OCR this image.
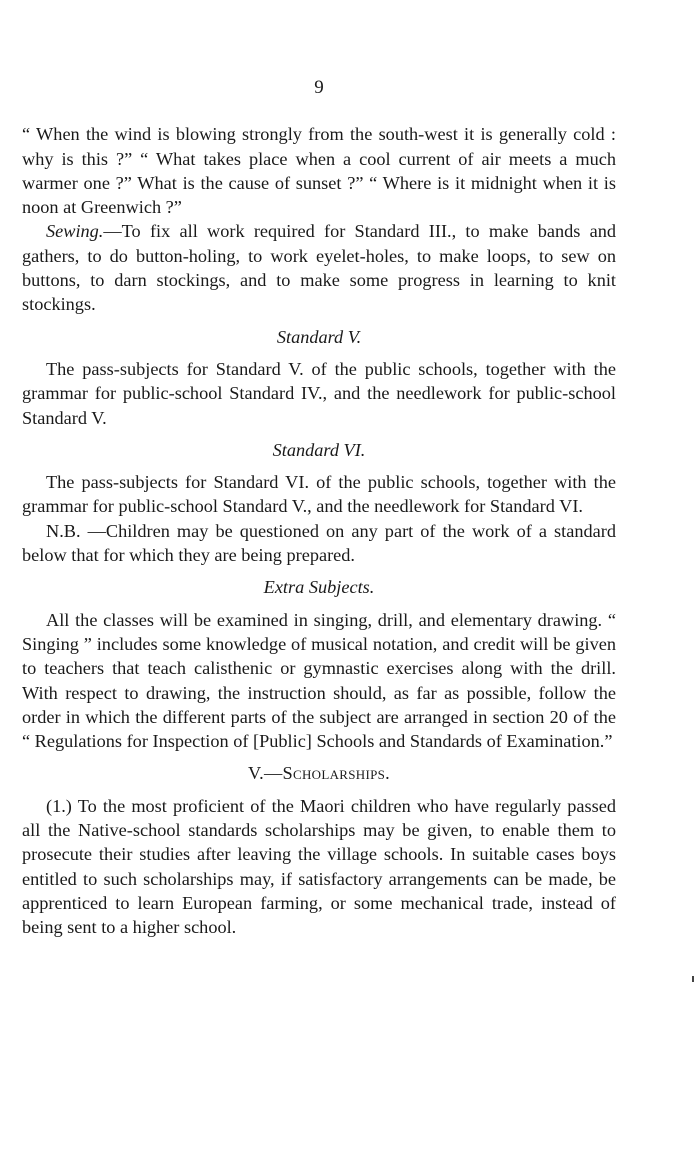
9

“ When the wind is blowing strongly from the south-west it is generally cold : why is this ?” “ What takes place when a cool current of air meets a much warmer one ?” What is the cause of sunset ?” “ Where is it midnight when it is noon at Greenwich ?”

Sewing.—To fix all work required for Standard III., to make bands and gathers, to do button-holing, to work eyelet-holes, to make loops, to sew on buttons, to darn stockings, and to make some progress in learning to knit stockings.

Standard V.

The pass-subjects for Standard V. of the public schools, together with the grammar for public-school Standard IV., and the needlework for public-school Standard V.

Standard VI.

The pass-subjects for Standard VI. of the public schools, together with the grammar for public-school Standard V., and the needlework for Standard VI.

N.B. —Children may be questioned on any part of the work of a standard below that for which they are being prepared.

Extra Subjects.

All the classes will be examined in singing, drill, and elementary drawing. “ Singing ” includes some knowledge of musical notation, and credit will be given to teachers that teach calisthenic or gymnastic exercises along with the drill. With respect to drawing, the instruction should, as far as possible, follow the order in which the different parts of the subject are arranged in section 20 of the “ Regulations for Inspection of [Public] Schools and Standards of Examination.”

V.—Scholarships.

(1.) To the most proficient of the Maori children who have regularly passed all the Native-school standards scholarships may be given, to enable them to prosecute their studies after leaving the village schools. In suitable cases boys entitled to such scholarships may, if satisfactory arrangements can be made, be apprenticed to learn European farming, or some mechanical trade, instead of being sent to a higher school.
